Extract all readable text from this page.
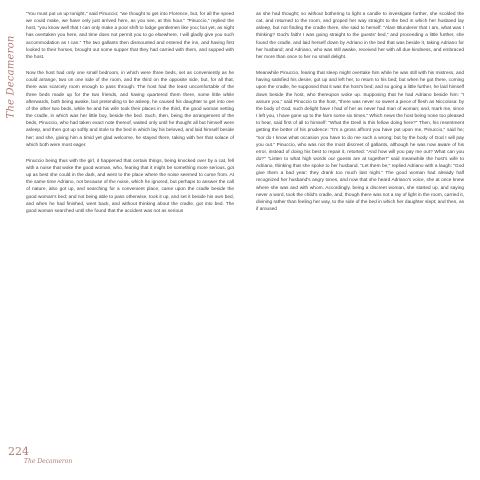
The Decameron

"You must put us up tonight," said Pinuccio; "we thought to get into Florence, but, for all the speed we could make, we have only just arrived here, as you see, at this hour." "Pinuccio," replied the host, "you know well that I can only make a poor shift to lodge gentlemen like you; but yet, as night has overtaken you here, and time does not permit you to go elsewhere, I will gladly give you such accommodation as I can." The two gallants then dismounted and entered the inn, and having first looked to their horses, brought out some supper that they had carried with them, and supped with the host.

Now the host had only one small bedroom, in which were three beds, set as conveniently as he could arrange, two on one side of the room, and the third on the opposite side, but, for all that, there was scarcely room enough to pass through. The host had the least uncomfortable of the three beds made up for the two friends, and having quartered them there, some little while afterwards, both being awake, but pretending to be asleep, he caused his daughter to get into one of the other two beds, while he and his wife took their places in the third, the good woman setting the cradle, in which was her little boy, beside the bed. Such, then, being the arrangement of the beds, Pinuccio, who had taken exact note thereof, waited only until he thought all but himself were asleep, and then got up softly and stole to the bed in which lay his beloved, and laid himself beside her; and she, giving him a timid yet glad welcome, he stayed there, taking with her that solace of which both were most eager.

Pinuccio being thus with the girl, it happened that certain things, being knocked over by a cat, fell with a noise that woke the good woman, who, fearing that it might be something more serious, got up as best she could in the dark, and went to the place where the noise seemed to come from. At the same time Adriano, not because of the noise, which he ignored, but perhaps to answer the call of nature, also got up, and searching for a convenient place, came upon the cradle beside the good woman's bed; and not being able to pass otherwise, took it up, and set it beside his own bed, and when he had finished, went back, and without thinking about the cradle, got into bed. The good woman searched until she found that the accident was not as serious

as she had thought; so without bothering to light a candle to investigate further, she scolded the cat, and returned to the room, and groped her way straight to the bed in which her husband lay asleep, but not finding the cradle there, she said to herself: "Alas! Blunderer that I am, what was I thinking? God's faith! I was going straight to the guests' bed," and proceeding a little further, she found the cradle, and laid herself down by Adriano in the bed that was beside it, taking Adriano for her husband; and Adriano, who was still awake, received her with all due kindness, and embraced her more than once to her no small delight.

Meanwhile Pinuccio, fearing that sleep might overtake him while he was still with his mistress, and having satisfied his desire, got up and left her, to return to his bed; but when he got there, coming upon the cradle, he supposed that it was the host's bed; and so going a little further, he laid himself down beside the host, who thereupon woke up. Supposing that he had Adriano beside him: "I assure you," said Pinuccio to the host, "there was never so sweet a piece of flesh as Niccolosa: by the body of God, such delight have I had of her as never had man of woman; and, mark me, since I left you, I have gone up to the farm some six times." Which news the host being none too pleased to hear, said first of all to himself: "What the Devil is this fellow doing here?" Then, his resentment getting the better of his prudence: "It's a gross affront you have put upon me, Pinuccio," said he; "nor do I know what occasion you have to do me such a wrong; but by the body of God I will pay you out." Pinuccio, who was not the most discreet of gallants, although he was now aware of his error, instead of doing his best to repair it, retorted: "And how will you pay me out? What can you do?" "Listen to what high words our guests are at together!" said meanwhile the host's wife to Adriano, thinking that she spoke to her husband. "Let them be," replied Adriano with a laugh: "God give them a bad year: they drank too much last night." The good woman had already half recognized her husband's angry tones, and now that she heard Adriano's voice, she at once knew where she was and with whom. Accordingly, being a discreet woman, she started up, and saying never a word, took the child's cradle, and, though there was not a ray of light in the room, carried it, divining rather than feeling her way, to the side of the bed in which her daughter slept; and then, as if aroused

224
The Decameron
